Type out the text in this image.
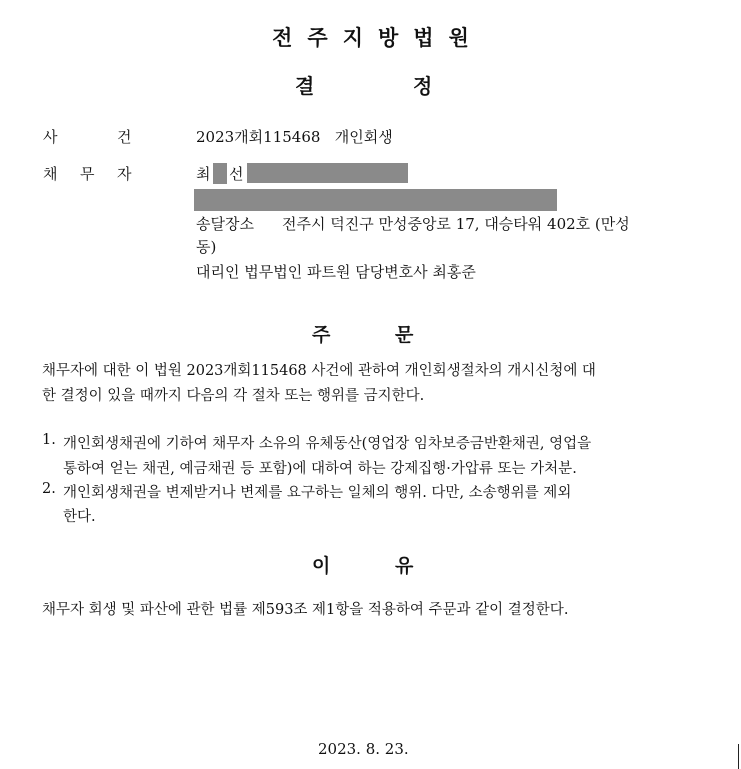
전주지방법원
결	정
사	건	2023개회115468   개인회생
채 무 자	최 선
송달장소 전주시 덕진구 만성중앙로 17, 대승타워 402호 (만성
동)
대리인 법무법인 파트원 담당변호사 최홍준
주	문
채무자에 대한 이 법원 2023개회115468 사건에 관하여 개인회생절차의 개시신청에 대
한 결정이 있을 때까지 다음의 각 절차 또는 행위를 금지한다.
1. 개인회생채권에 기하여 채무자 소유의 유체동산(영업장 임차보증금반환채권, 영업을
통하여 얻는 채권, 예금채권 등 포함)에 대하여 하는 강제집행·가압류 또는 가처분.
2. 개인회생채권을 변제받거나 변제를 요구하는 일체의 행위. 다만, 소송행위를 제외
한다.
이	유
채무자 회생 및 파산에 관한 법률 제593조 제1항을 적용하여 주문과 같이 결정한다.
2023. 8. 23.
